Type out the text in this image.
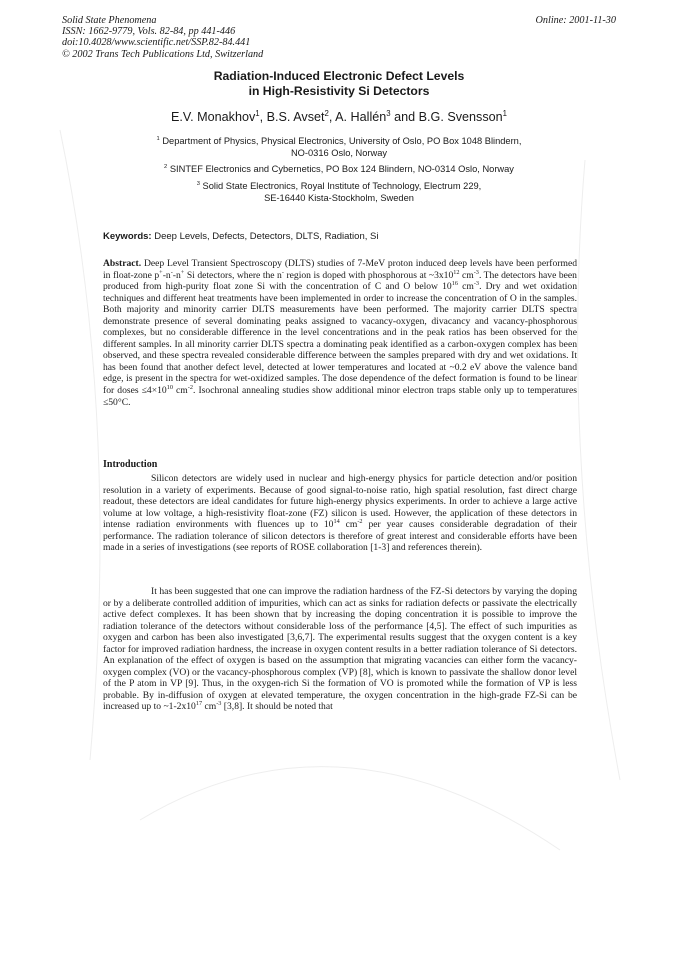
Solid State Phenomena
ISSN: 1662-9779, Vols. 82-84, pp 441-446
doi:10.4028/www.scientific.net/SSP.82-84.441
© 2002 Trans Tech Publications Ltd, Switzerland
Online: 2001-11-30
Radiation-Induced Electronic Defect Levels
in High-Resistivity Si Detectors
E.V. Monakhov$^1$, B.S. Avset$^2$, A. Hallén$^3$ and B.G. Svensson$^1$
$^1$ Department of Physics, Physical Electronics, University of Oslo, PO Box 1048 Blindern,
NO-0316 Oslo, Norway
$^2$ SINTEF Electronics and Cybernetics, PO Box 124 Blindern, NO-0314 Oslo, Norway
$^3$ Solid State Electronics, Royal Institute of Technology, Electrum 229,
SE-16440 Kista-Stockholm, Sweden
Keywords: Deep Levels, Defects, Detectors, DLTS, Radiation, Si
Abstract. Deep Level Transient Spectroscopy (DLTS) studies of 7-MeV proton induced deep levels have been performed in float-zone p+-n--n+ Si detectors, where the n- region is doped with phosphorous at $\sim 3x10^{12}$ $cm^{-3}$. The detectors have been produced from high-purity float zone Si with the concentration of C and O below $10^{16}$ $cm^{-3}$. Dry and wet oxidation techniques and different heat treatments have been implemented in order to increase the concentration of O in the samples. Both majority and minority carrier DLTS measurements have been performed. The majority carrier DLTS spectra demonstrate presence of several dominating peaks assigned to vacancy-oxygen, divacancy and vacancy-phosphorous complexes, but no considerable difference in the level concentrations and in the peak ratios has been observed for the different samples. In all minority carrier DLTS spectra a dominating peak identified as a carbon-oxygen complex has been observed, and these spectra revealed considerable difference between the samples prepared with dry and wet oxidations. It has been found that another defect level, detected at lower temperatures and located at ~0.2 eV above the valence band edge, is present in the spectra for wet-oxidized samples. The dose dependence of the defect formation is found to be linear for doses $\le 4\times 10^{10}$ $cm^{-2}$. Isochronal annealing studies show additional minor electron traps stable only up to temperatures ≤50°C.
Introduction
Silicon detectors are widely used in nuclear and high-energy physics for particle detection and/or position resolution in a variety of experiments. Because of good signal-to-noise ratio, high spatial resolution, fast direct charge readout, these detectors are ideal candidates for future high-energy physics experiments. In order to achieve a large active volume at low voltage, a high-resistivity float-zone (FZ) silicon is used. However, the application of these detectors in intense radiation environments with fluences up to $10^{14}$ $cm^{-2}$ per year causes considerable degradation of their performance. The radiation tolerance of silicon detectors is therefore of great interest and considerable efforts have been made in a series of investigations (see reports of ROSE collaboration [1-3] and references therein).
It has been suggested that one can improve the radiation hardness of the FZ-Si detectors by varying the doping or by a deliberate controlled addition of impurities, which can act as sinks for radiation defects or passivate the electrically active defect complexes. It has been shown that by increasing the doping concentration it is possible to improve the radiation tolerance of the detectors without considerable loss of the performance [4,5]. The effect of such impurities as oxygen and carbon has been also investigated [3,6,7]. The experimental results suggest that the oxygen content is a key factor for improved radiation hardness, the increase in oxygen content results in a better radiation tolerance of Si detectors. An explanation of the effect of oxygen is based on the assumption that migrating vacancies can either form the vacancy-oxygen complex (VO) or the vacancy-phosphorous complex (VP) [8], which is known to passivate the shallow donor level of the P atom in VP [9]. Thus, in the oxygen-rich Si the formation of VO is promoted while the formation of VP is less probable. By in-diffusion of oxygen at elevated temperature, the oxygen concentration in the high-grade FZ-Si can be increased up to $\sim 1-2x10^{17}$ $cm^{-3}$ [3,8]. It should be noted that
